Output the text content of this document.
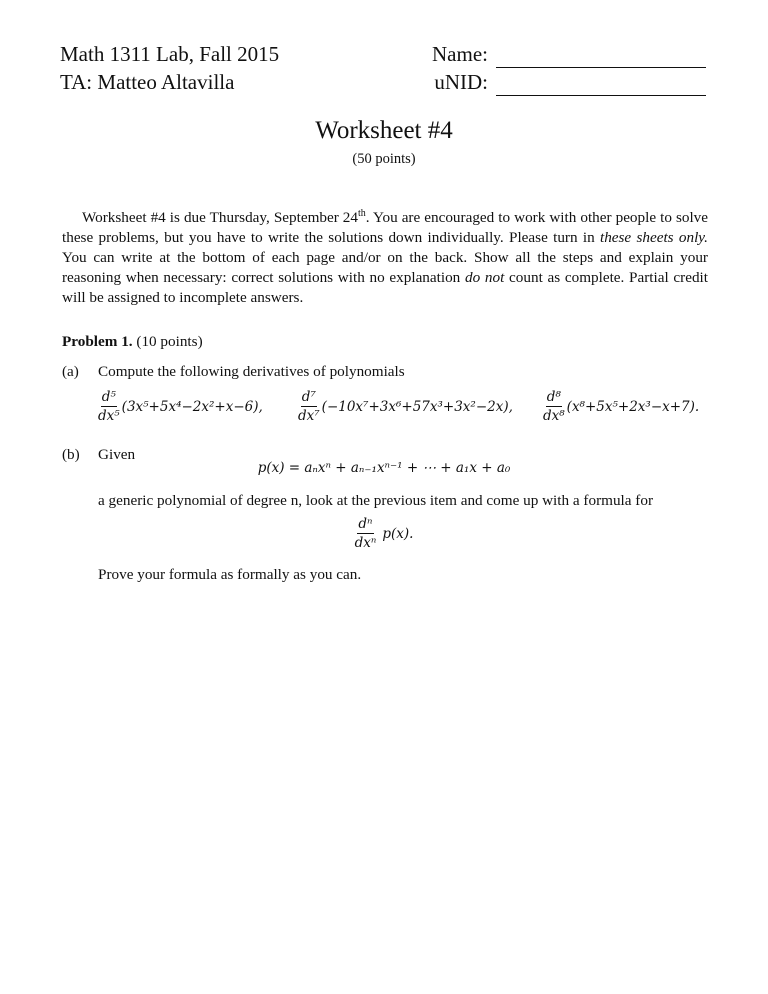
Math 1311 Lab, Fall 2015
TA: Matteo Altavilla
Name:
uNID:
Worksheet #4
(50 points)
Worksheet #4 is due Thursday, September 24th. You are encouraged to work with other people to solve these problems, but you have to write the solutions down individually. Please turn in these sheets only. You can write at the bottom of each page and/or on the back. Show all the steps and explain your reasoning when necessary: correct solutions with no explanation do not count as complete. Partial credit will be assigned to incomplete answers.
Problem 1. (10 points)
(a) Compute the following derivatives of polynomials
$\frac{\text{d⁵}}{\text{dx⁵}} (3x^5+5x^4-2x^2+x-6)$,	$\frac{\text{d⁷}}{\text{dx⁷}} (-10x^7+3x^6+57x^3+3x^2-2x)$, $\frac{\text{d⁸}}{\text{dx⁸}} (x^8+5x^5+2x^3-x+7)$.
(b) Given
p(x) = aₙxⁿ + aₙ₋₁xⁿ⁻¹ + ⋯ + a₁x + a₀
a generic polynomial of degree n, look at the previous item and come up with a formula for
$\frac{\text{dⁿ}}{\text{dxⁿ}} p(x)$.
Prove your formula as formally as you can.
